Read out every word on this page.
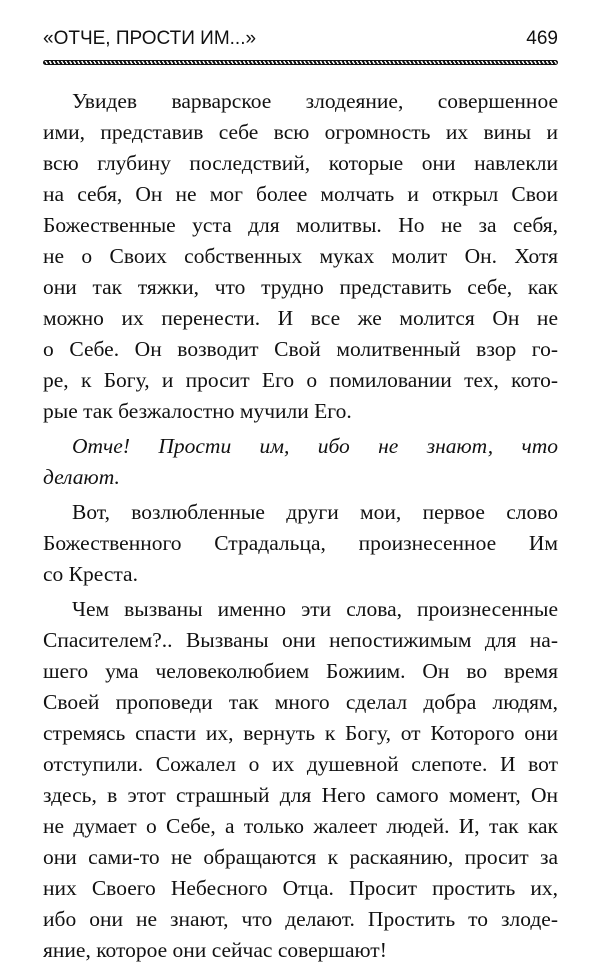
«ОТЧЕ, ПРОСТИ ИМ...»	469
Увидев варварское злодеяние, совершенное
ими, представив себе всю огромность их вины и
всю глубину последствий, которые они навлекли
на себя, Он не мог более молчать и открыл Свои
Божественные уста для молитвы. Но не за себя,
не о Своих собственных муках молит Он. Хотя
они так тяжки, что трудно представить себе, как
можно их перенести. И все же молится Он не
о Себе. Он возводит Свой молитвенный взор го-
ре, к Богу, и просит Его о помиловании тех, кото-
рые так безжалостно мучили Его.
Отче! Прости им, ибо не знают, что
делают.
Вот, возлюбленные други мои, первое слово
Божественного Страдальца, произнесенное Им
со Креста.
Чем вызваны именно эти слова, произнесенные
Спасителем?.. Вызваны они непостижимым для на-
шего ума человеколюбием Божиим. Он во время
Своей проповеди так много сделал добра людям,
стремясь спасти их, вернуть к Богу, от Которого они
отступили. Сожалел о их душевной слепоте. И вот
здесь, в этот страшный для Него самого момент, Он
не думает о Себе, а только жалеет людей. И, так как
они сами-то не обращаются к раскаянию, просит за
них Своего Небесного Отца. Просит простить их,
ибо они не знают, что делают. Простить то злоде-
яние, которое они сейчас совершают!
